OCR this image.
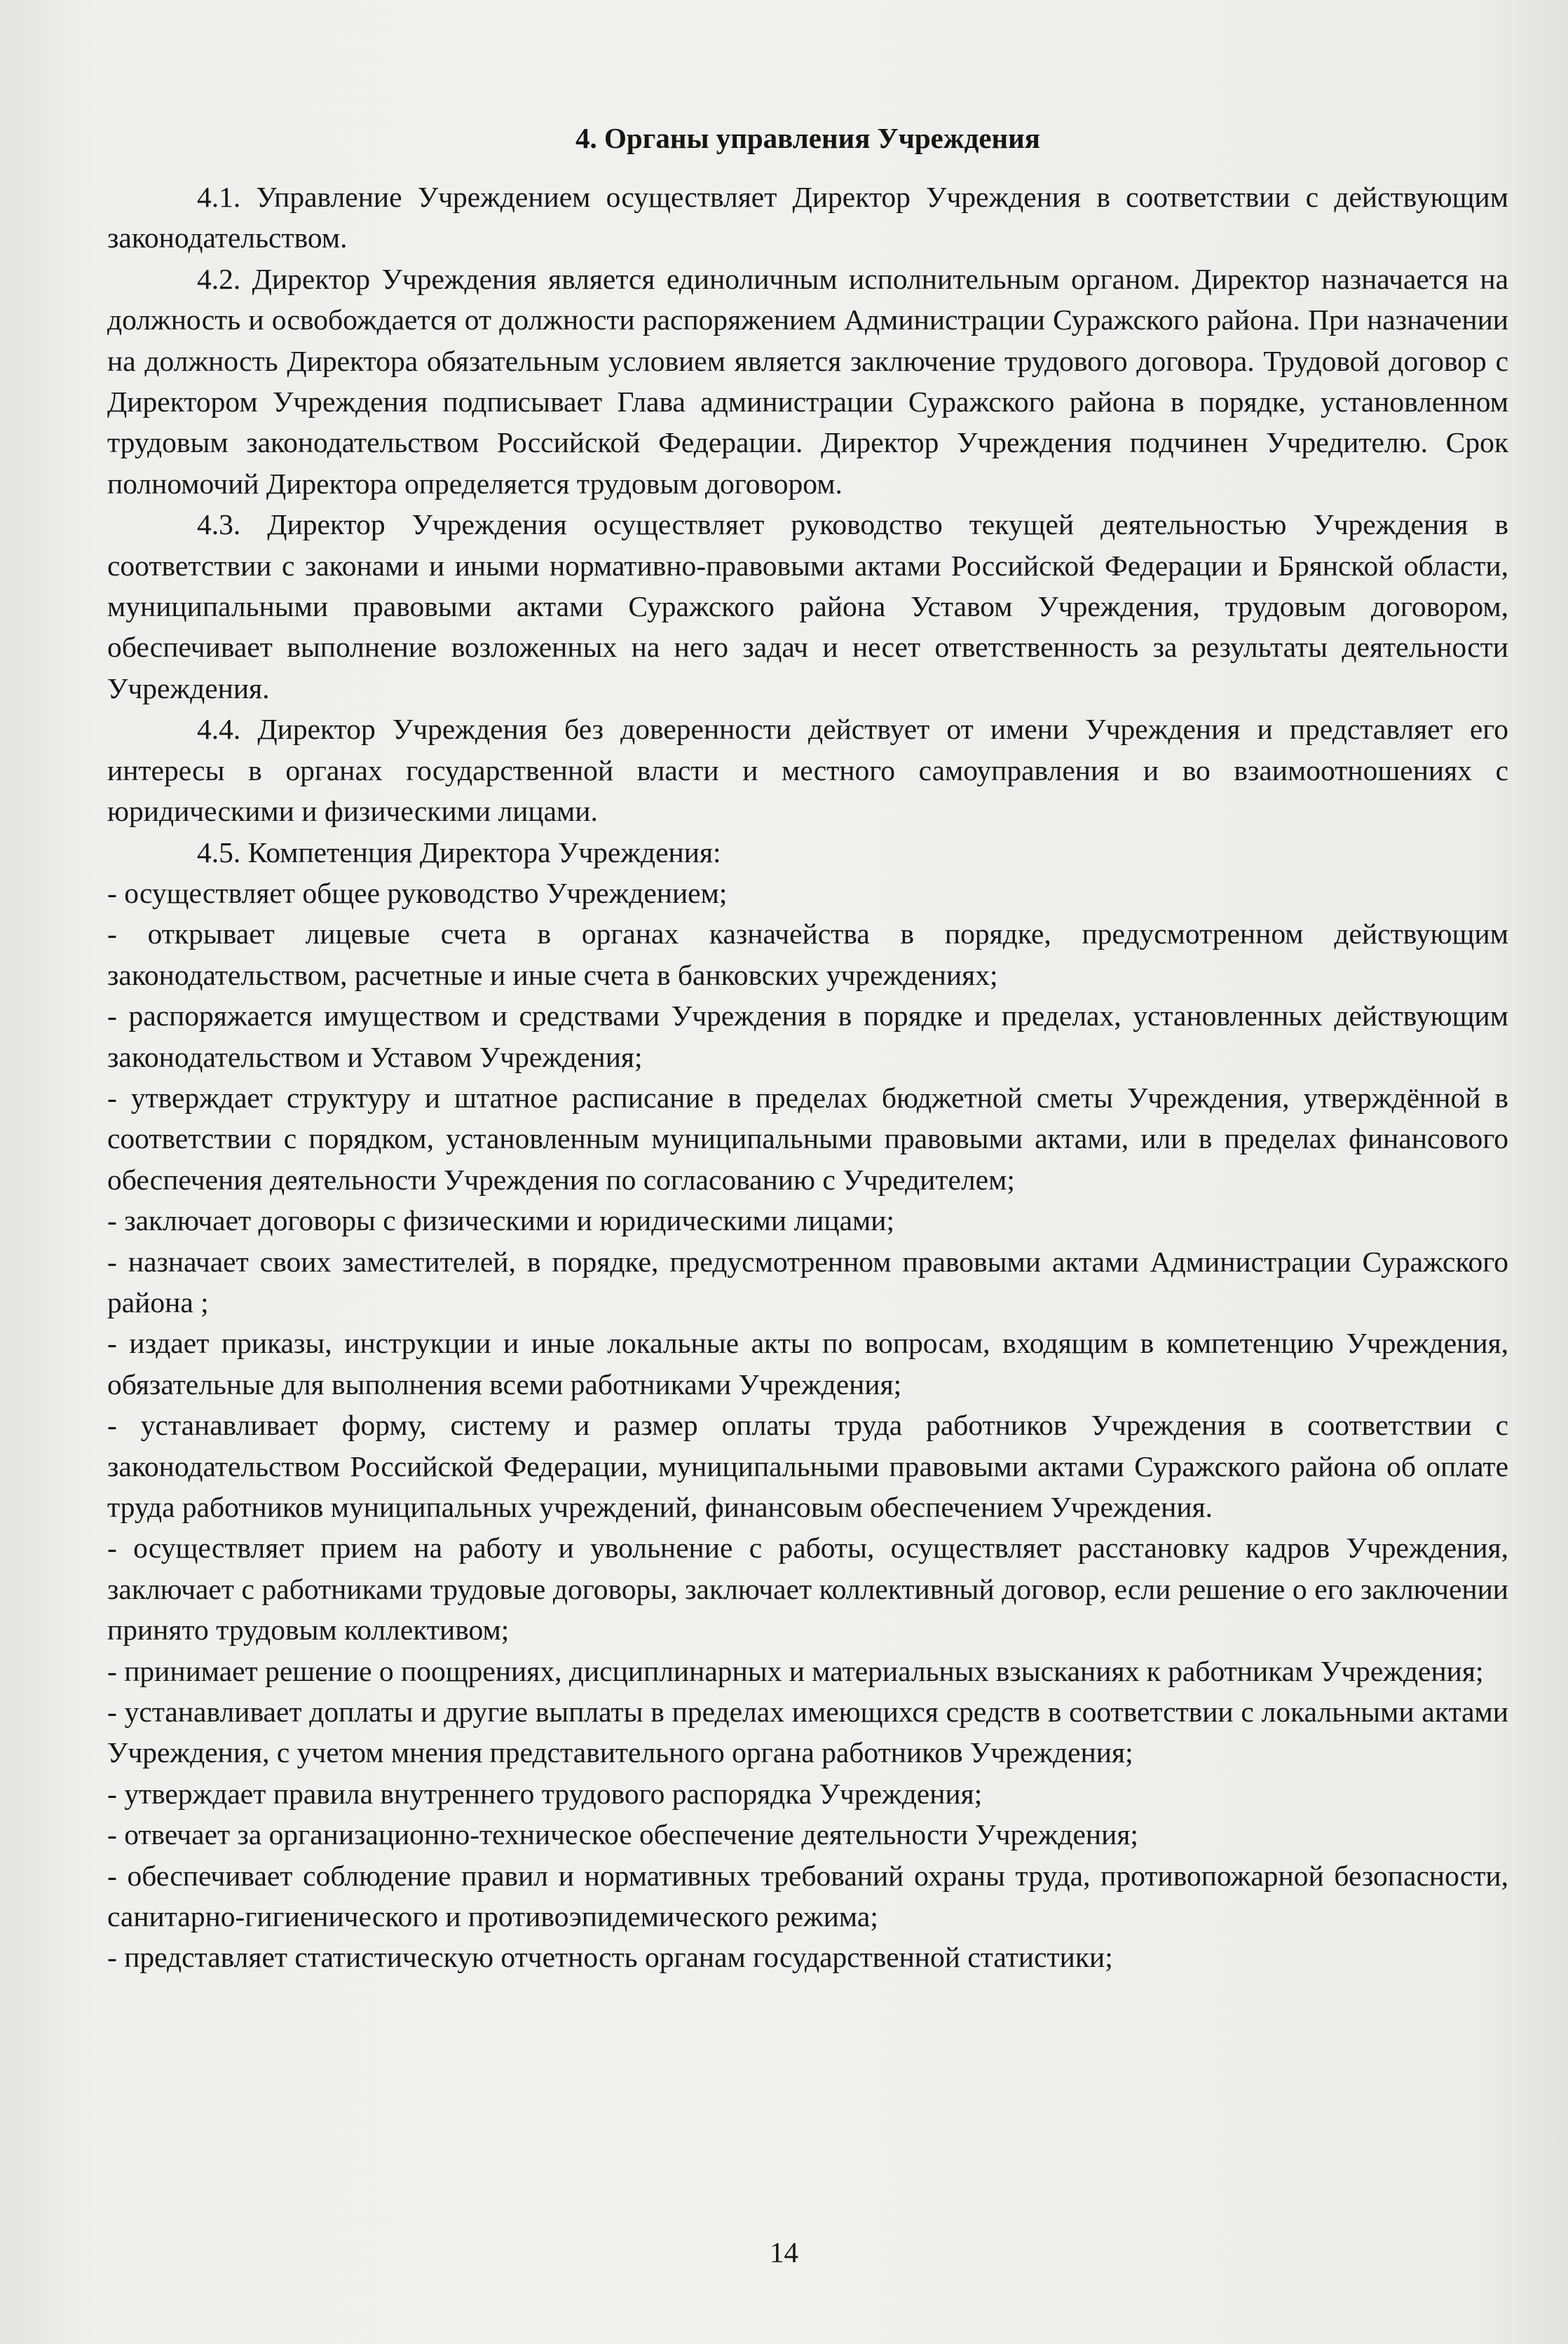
4. Органы управления Учреждения

4.1. Управление Учреждением осуществляет Директор Учреждения в соответствии с действующим законодательством.

4.2. Директор Учреждения является единоличным исполнительным органом. Директор назначается на должность и освобождается от должности распоряжением Администрации Суражского района. При назначении на должность Директора обязательным условием является заключение трудового договора. Трудовой договор с Директором Учреждения подписывает Глава администрации Суражского района в порядке, установленном трудовым законодательством Российской Федерации. Директор Учреждения подчинен Учредителю. Срок полномочий Директора определяется трудовым договором.

4.3. Директор Учреждения осуществляет руководство текущей деятельностью Учреждения в соответствии с законами и иными нормативно-правовыми актами Российской Федерации и Брянской области, муниципальными правовыми актами Суражского района Уставом Учреждения, трудовым договором, обеспечивает выполнение возложенных на него задач и несет ответственность за результаты деятельности Учреждения.

4.4. Директор Учреждения без доверенности действует от имени Учреждения и представляет его интересы в органах государственной власти и местного самоуправления и во взаимоотношениях с юридическими и физическими лицами.

4.5. Компетенция Директора Учреждения:

- осуществляет общее руководство Учреждением;

- открывает лицевые счета в органах казначейства в порядке, предусмотренном действующим законодательством, расчетные и иные счета в банковских учреждениях;

- распоряжается имуществом и средствами Учреждения в порядке и пределах, установленных действующим законодательством и Уставом Учреждения;

- утверждает структуру и штатное расписание в пределах бюджетной сметы Учреждения, утверждённой в соответствии с порядком, установленным муниципальными правовыми актами, или в пределах финансового обеспечения деятельности Учреждения по согласованию с Учредителем;

- заключает договоры с физическими и юридическими лицами;

- назначает своих заместителей, в порядке, предусмотренном правовыми актами Администрации Суражского района ;

- издает приказы, инструкции и иные локальные акты по вопросам, входящим в компетенцию Учреждения, обязательные для выполнения всеми работниками Учреждения;

- устанавливает форму, систему и размер оплаты труда работников Учреждения в соответствии с законодательством Российской Федерации, муниципальными правовыми актами Суражского района об оплате труда работников муниципальных учреждений, финансовым обеспечением Учреждения.

- осуществляет прием на работу и увольнение с работы, осуществляет расстановку кадров Учреждения, заключает с работниками трудовые договоры, заключает коллективный договор, если решение о его заключении принято трудовым коллективом;

- принимает решение о поощрениях, дисциплинарных и материальных взысканиях к работникам Учреждения;

- устанавливает доплаты и другие выплаты в пределах имеющихся средств в соответствии с локальными актами Учреждения, с учетом мнения представительного органа работников Учреждения;

- утверждает правила внутреннего трудового распорядка Учреждения;

- отвечает за организационно-техническое обеспечение деятельности Учреждения;

- обеспечивает соблюдение правил и нормативных требований охраны труда, противопожарной безопасности, санитарно-гигиенического и противоэпидемического режима;

- представляет статистическую отчетность органам государственной статистики;

14
